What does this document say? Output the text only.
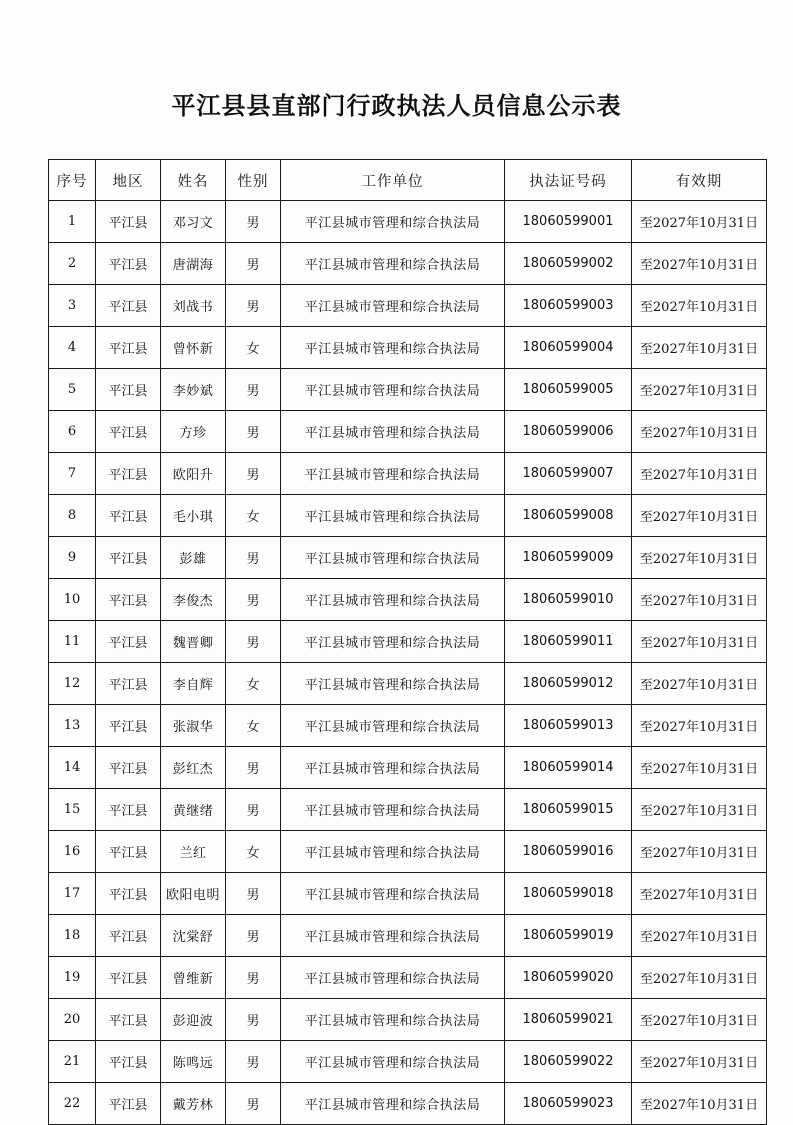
平江县县直部门行政执法人员信息公示表
序号	地区	姓名	性别	工作单位	执法证号码	有效期
1	平江县	邓习文	男	平江县城市管理和综合执法局	18060599001	至2027年10月31日
2	平江县	唐湖海	男	平江县城市管理和综合执法局	18060599002	至2027年10月31日
3	平江县	刘战书	男	平江县城市管理和综合执法局	18060599003	至2027年10月31日
4	平江县	曾怀新	女	平江县城市管理和综合执法局	18060599004	至2027年10月31日
5	平江县	李妙斌	男	平江县城市管理和综合执法局	18060599005	至2027年10月31日
6	平江县	方珍	男	平江县城市管理和综合执法局	18060599006	至2027年10月31日
7	平江县	欧阳升	男	平江县城市管理和综合执法局	18060599007	至2027年10月31日
8	平江县	毛小琪	女	平江县城市管理和综合执法局	18060599008	至2027年10月31日
9	平江县	彭雄	男	平江县城市管理和综合执法局	18060599009	至2027年10月31日
10	平江县	李俊杰	男	平江县城市管理和综合执法局	18060599010	至2027年10月31日
11	平江县	魏晋卿	男	平江县城市管理和综合执法局	18060599011	至2027年10月31日
12	平江县	李自辉	女	平江县城市管理和综合执法局	18060599012	至2027年10月31日
13	平江县	张淑华	女	平江县城市管理和综合执法局	18060599013	至2027年10月31日
14	平江县	彭红杰	男	平江县城市管理和综合执法局	18060599014	至2027年10月31日
15	平江县	黄继绪	男	平江县城市管理和综合执法局	18060599015	至2027年10月31日
16	平江县	兰红	女	平江县城市管理和综合执法局	18060599016	至2027年10月31日
17	平江县	欧阳电明	男	平江县城市管理和综合执法局	18060599018	至2027年10月31日
18	平江县	沈棠舒	男	平江县城市管理和综合执法局	18060599019	至2027年10月31日
19	平江县	曾维新	男	平江县城市管理和综合执法局	18060599020	至2027年10月31日
20	平江县	彭迎波	男	平江县城市管理和综合执法局	18060599021	至2027年10月31日
21	平江县	陈鸣远	男	平江县城市管理和综合执法局	18060599022	至2027年10月31日
22	平江县	戴芳林	男	平江县城市管理和综合执法局	18060599023	至2027年10月31日
